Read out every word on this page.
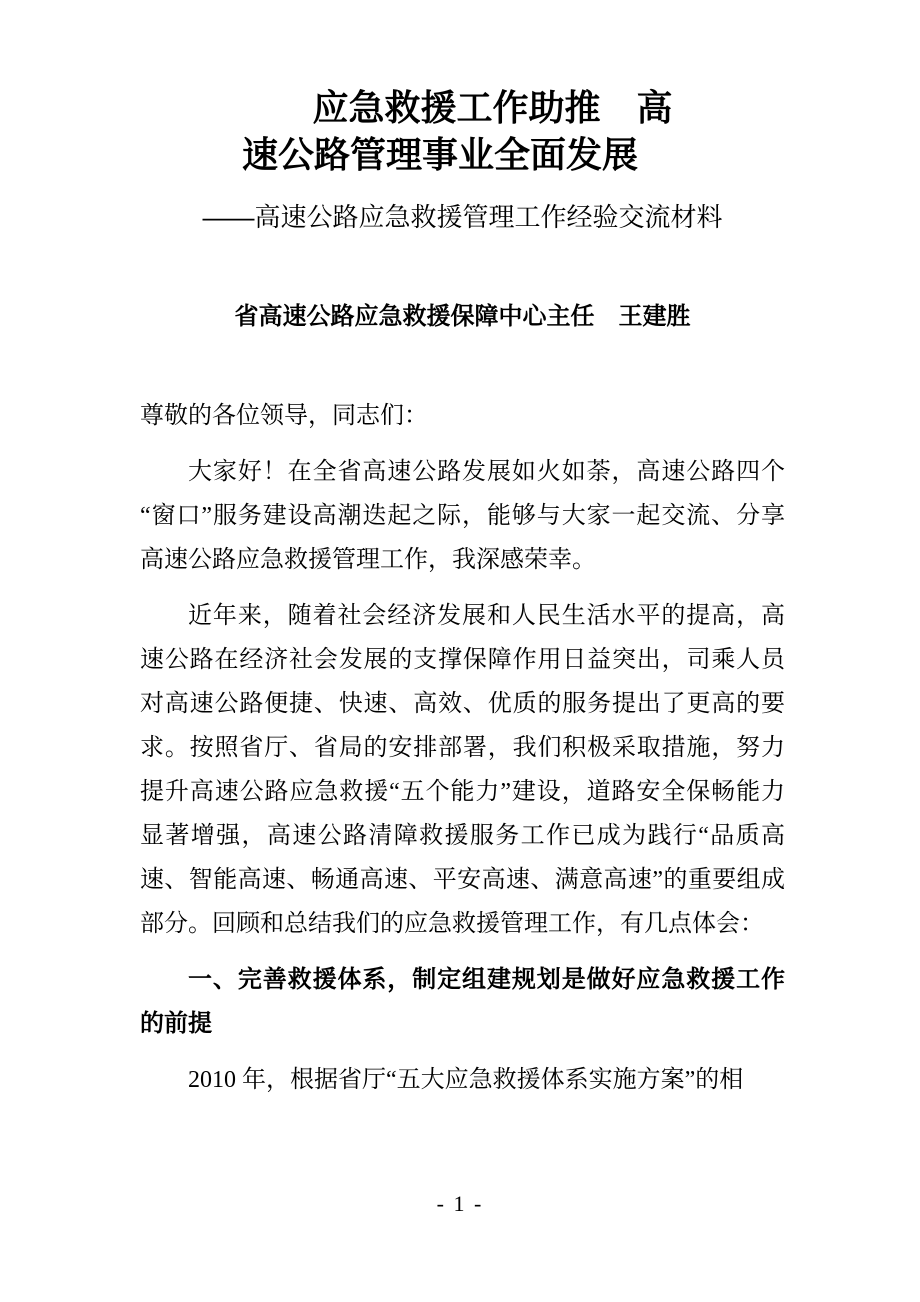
应急救援工作助推　高
速公路管理事业全面发展
——高速公路应急救援管理工作经验交流材料
省高速公路应急救援保障中心主任　王建胜

尊敬的各位领导，同志们：

大家好！在全省高速公路发展如火如荼，高速公路四个“窗口”服务建设高潮迭起之际，能够与大家一起交流、分享高速公路应急救援管理工作，我深感荣幸。

近年来，随着社会经济发展和人民生活水平的提高，高速公路在经济社会发展的支撑保障作用日益突出，司乘人员对高速公路便捷、快速、高效、优质的服务提出了更高的要求。按照省厅、省局的安排部署，我们积极采取措施，努力提升高速公路应急救援“五个能力”建设，道路安全保畅能力显著增强，高速公路清障救援服务工作已成为践行“品质高速、智能高速、畅通高速、平安高速、满意高速”的重要组成部分。回顾和总结我们的应急救援管理工作，有几点体会：

一、完善救援体系，制定组建规划是做好应急救援工作的前提

2010 年，根据省厅“五大应急救援体系实施方案”的相

- 1 -
